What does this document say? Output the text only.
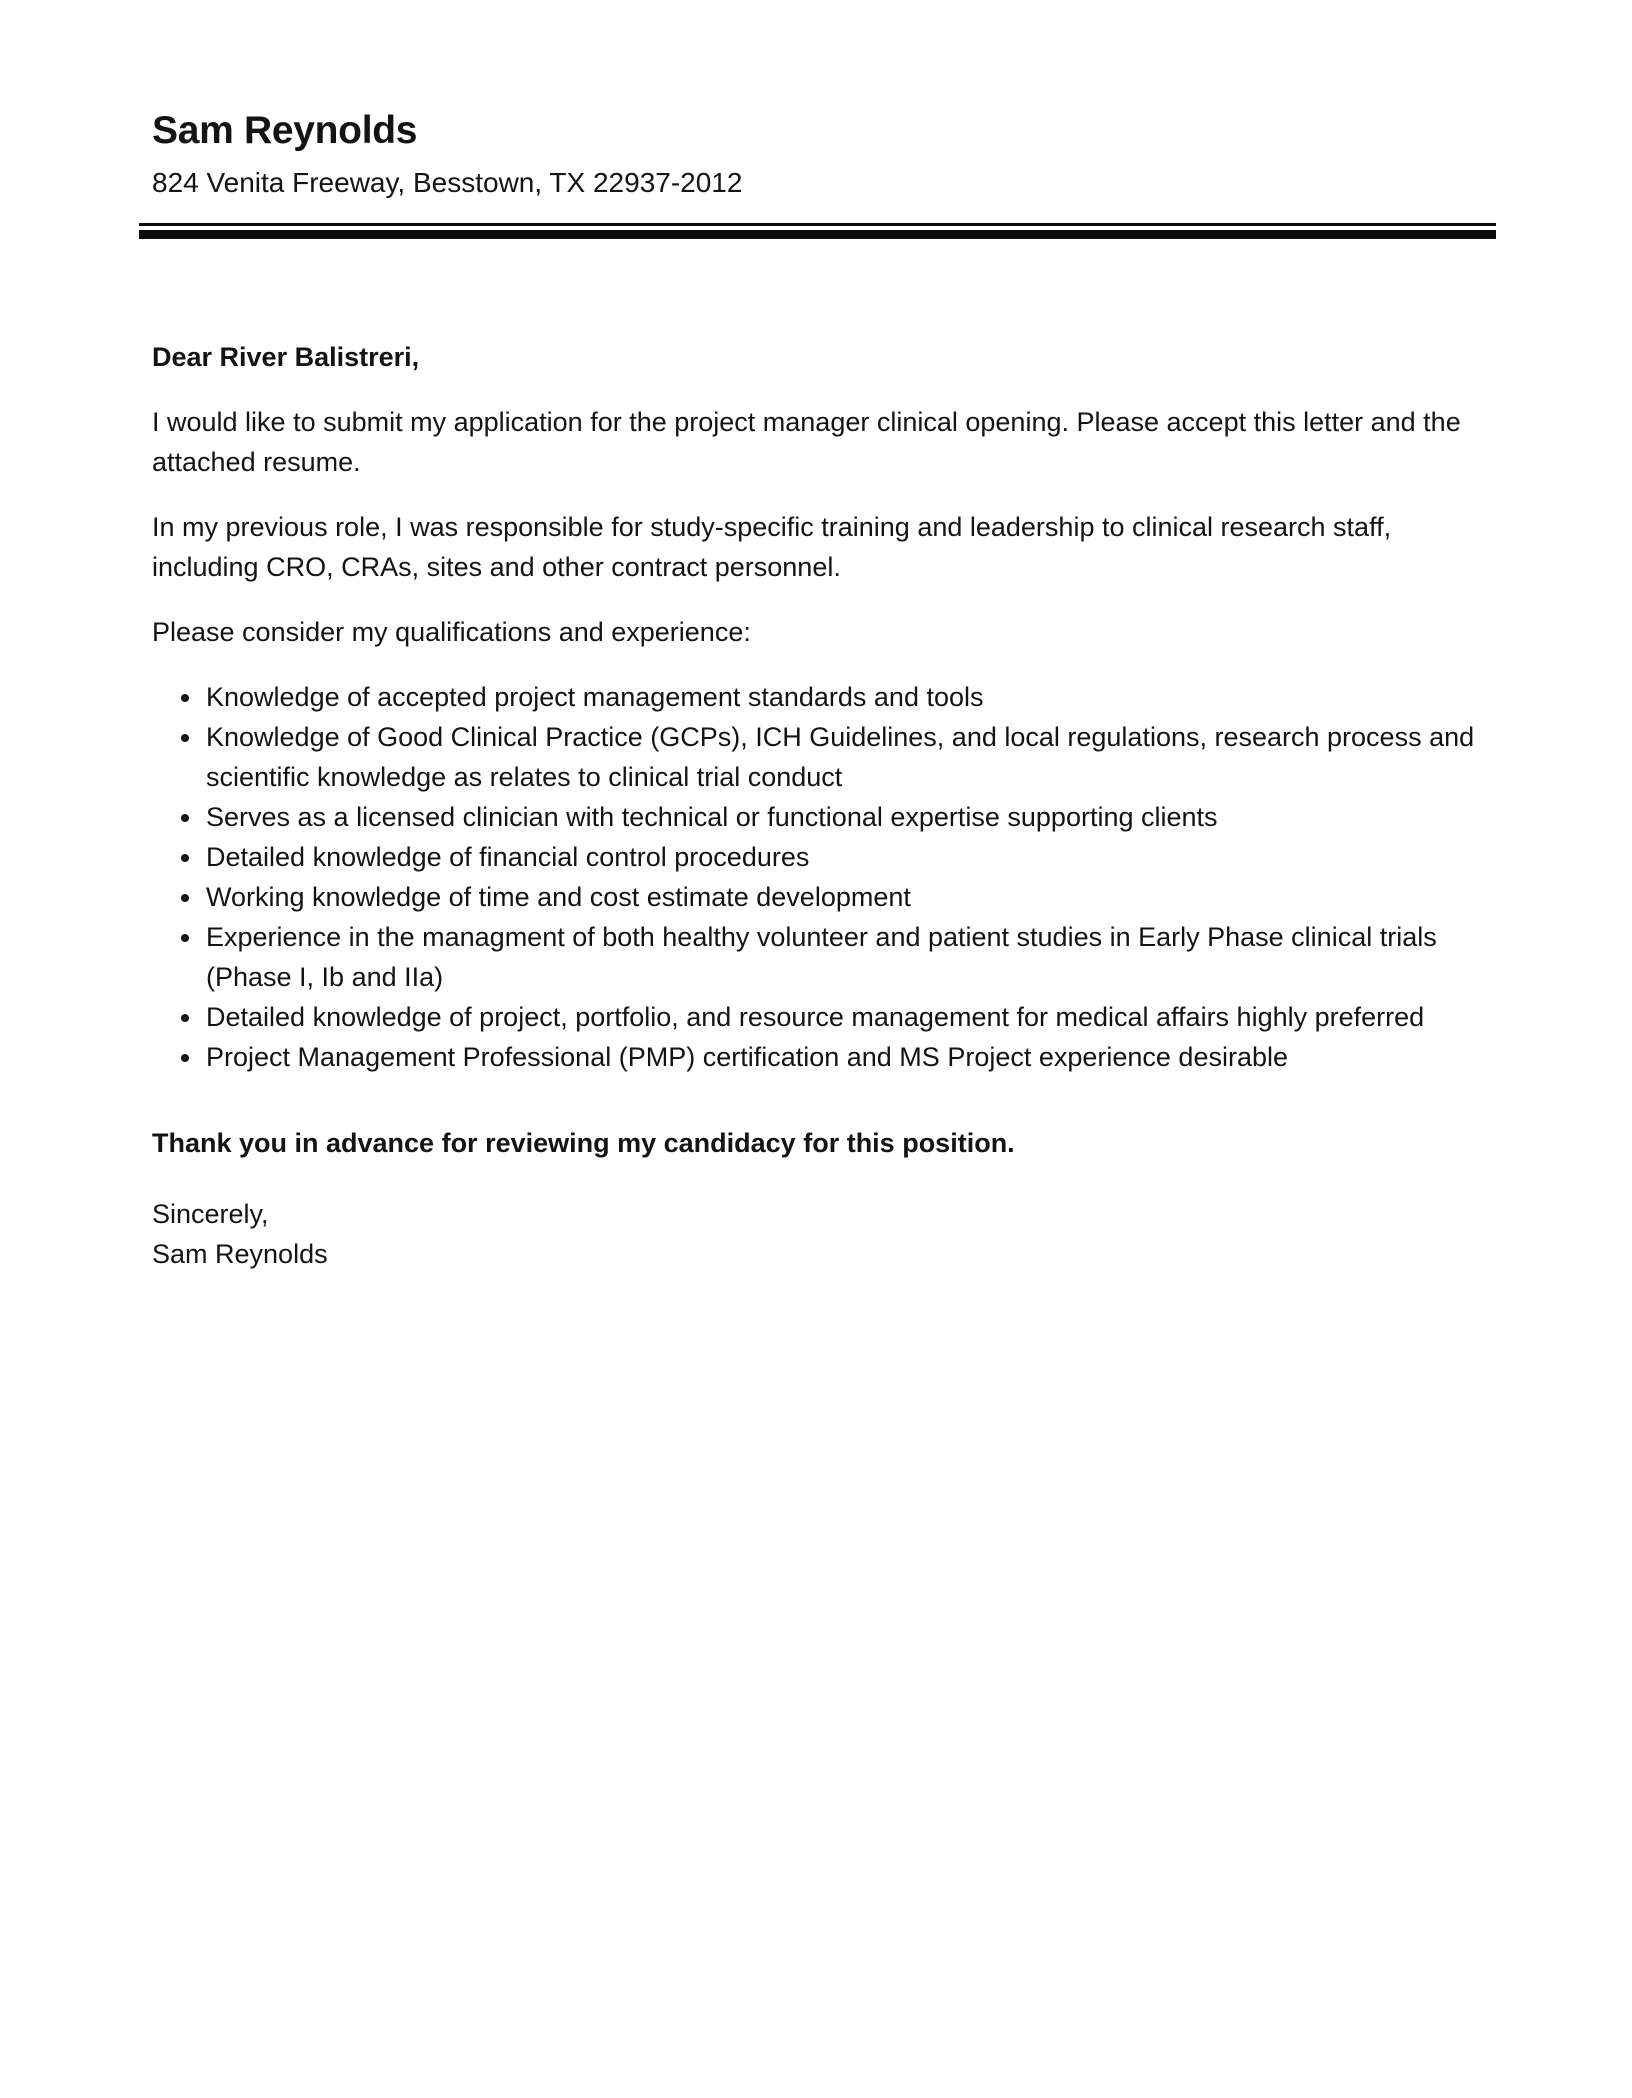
Sam Reynolds

824 Venita Freeway, Besstown, TX 22937-2012

Dear River Balistreri,

I would like to submit my application for the project manager clinical opening. Please accept this letter and the attached resume.

In my previous role, I was responsible for study-specific training and leadership to clinical research staff, including CRO, CRAs, sites and other contract personnel.

Please consider my qualifications and experience:

• Knowledge of accepted project management standards and tools
• Knowledge of Good Clinical Practice (GCPs), ICH Guidelines, and local regulations, research process and scientific knowledge as relates to clinical trial conduct
• Serves as a licensed clinician with technical or functional expertise supporting clients
• Detailed knowledge of financial control procedures
• Working knowledge of time and cost estimate development
• Experience in the managment of both healthy volunteer and patient studies in Early Phase clinical trials (Phase I, Ib and IIa)
• Detailed knowledge of project, portfolio, and resource management for medical affairs highly preferred
• Project Management Professional (PMP) certification and MS Project experience desirable

Thank you in advance for reviewing my candidacy for this position.

Sincerely,

Sam Reynolds
